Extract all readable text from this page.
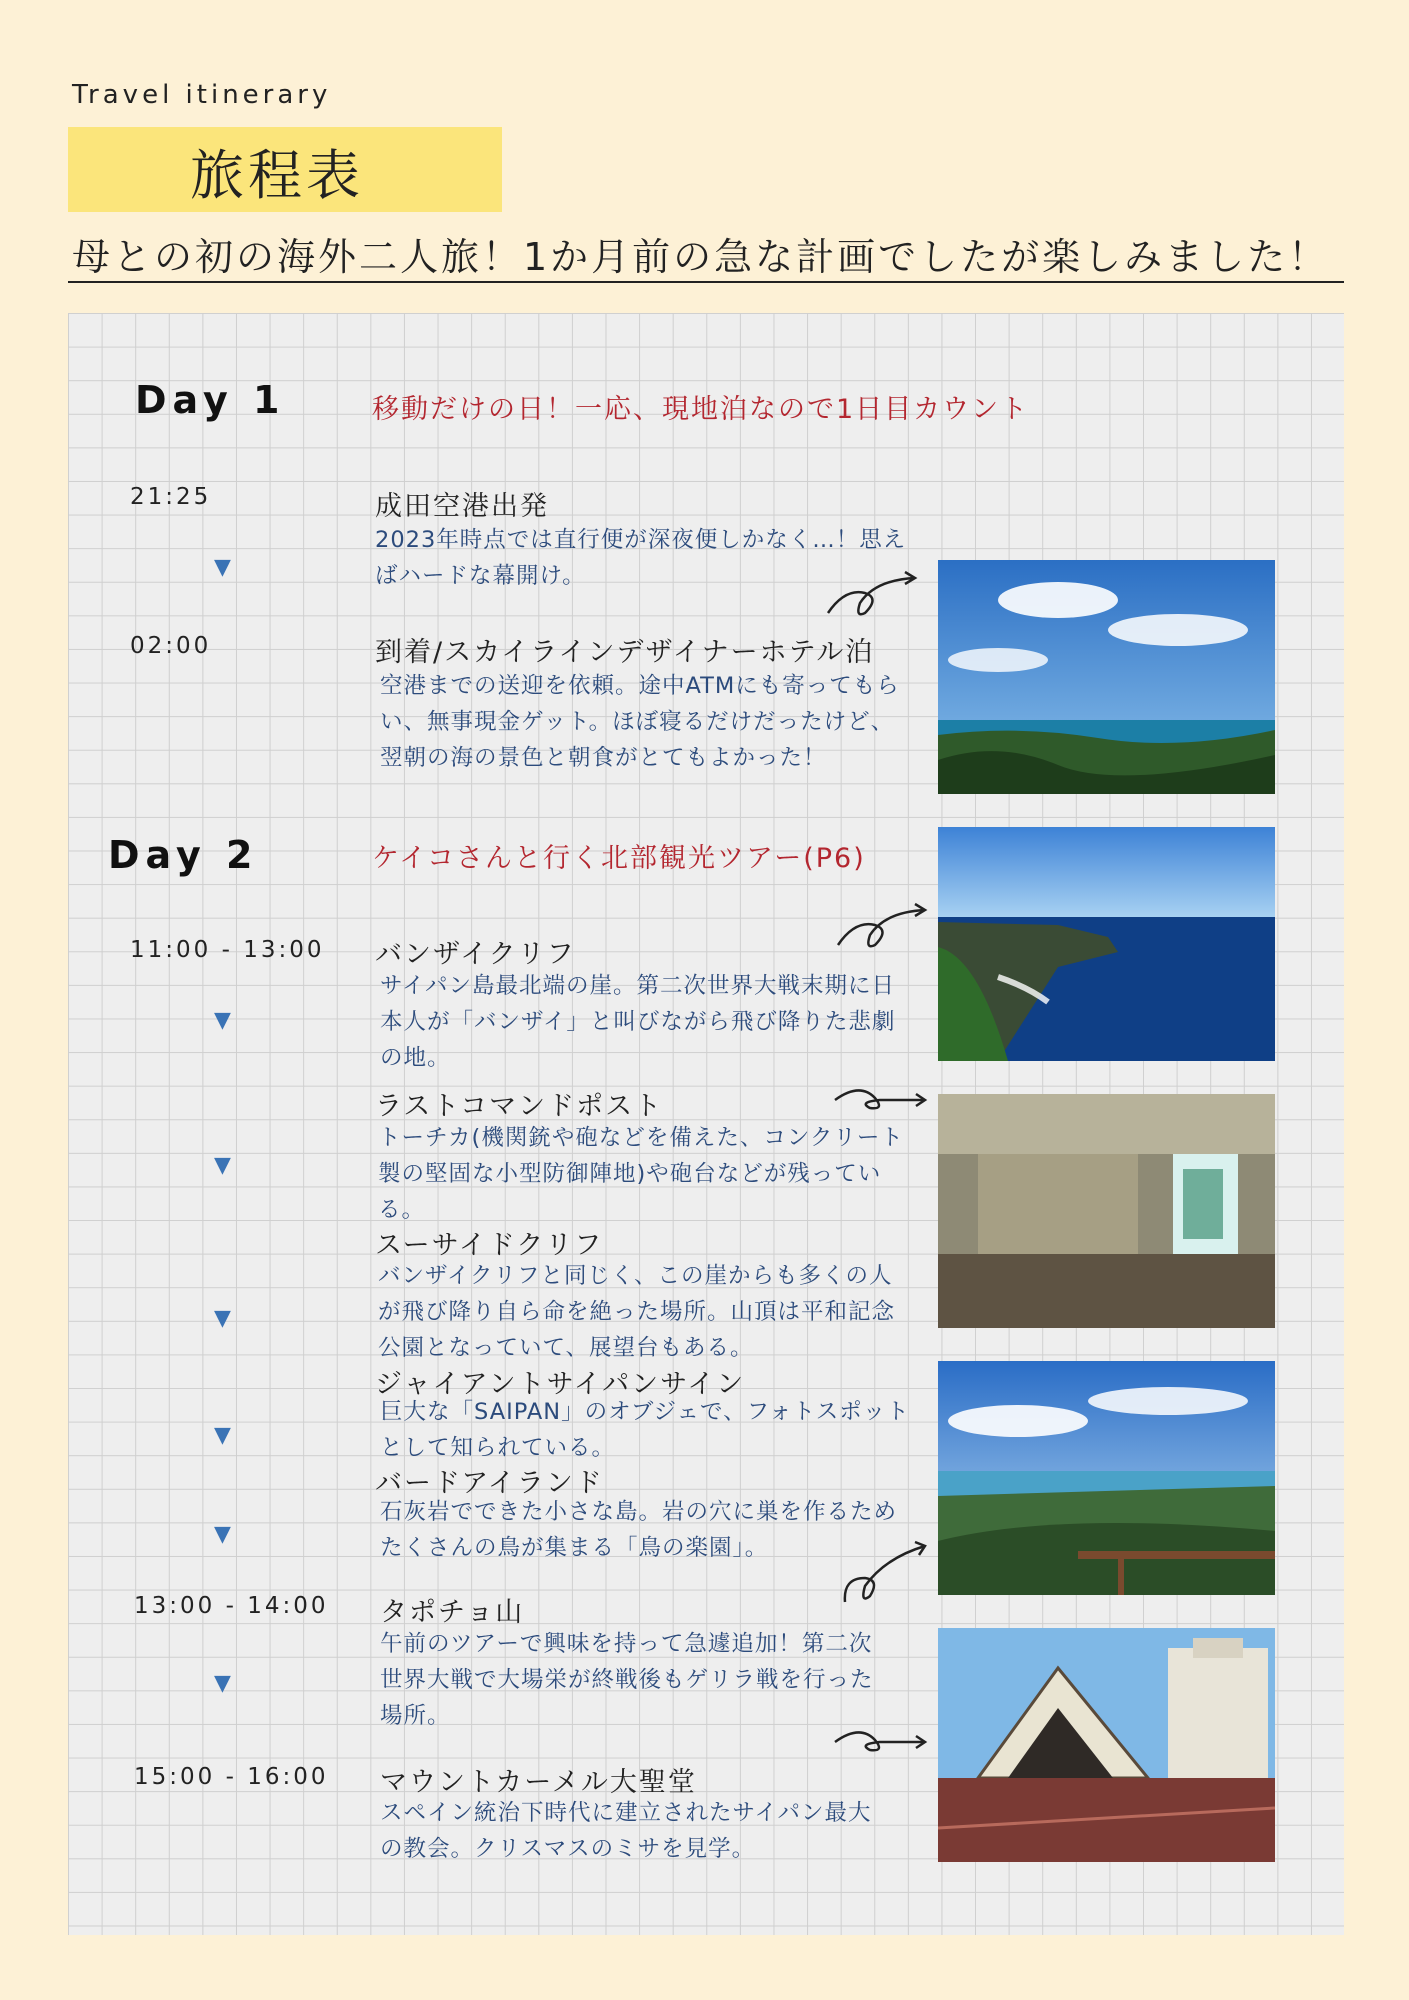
Travel itinerary
旅程表
母との初の海外二人旅！1か月前の急な計画でしたが楽しみました！
Day 1	移動だけの日！一応、現地泊なので1日目カウント
21:25	成田空港出発
2023年時点では直行便が深夜便しかなく…！思えばハードな幕開け。
▼
02:00	到着/スカイラインデザイナーホテル泊
空港までの送迎を依頼。途中ATMにも寄ってもらい、無事現金ゲット。ほぼ寝るだけだったけど、翌朝の海の景色と朝食がとてもよかった！
Day 2	ケイコさんと行く北部観光ツアー(P6)
11:00 - 13:00 バンザイクリフ
サイパン島最北端の崖。第二次世界大戦末期に日本人が「バンザイ」と叫びながら飛び降りた悲劇の地。
▼
ラストコマンドポスト
トーチカ(機関銃や砲などを備えた、コンクリート製の堅固な小型防御陣地)や砲台などが残っている。
▼
スーサイドクリフ
バンザイクリフと同じく、この崖からも多くの人が飛び降り自ら命を絶った場所。山頂は平和記念公園となっていて、展望台もある。
▼
ジャイアントサイパンサイン
巨大な「SAIPAN」のオブジェで、フォトスポットとして知られている。
▼
バードアイランド
石灰岩でできた小さな島。岩の穴に巣を作るためたくさんの鳥が集まる「鳥の楽園」。
▼
13:00 - 14:00 タポチョ山
午前のツアーで興味を持って急遽追加！第二次世界大戦で大場栄が終戦後もゲリラ戦を行った場所。
▼
15:00 - 16:00 マウントカーメル大聖堂
スペイン統治下時代に建立されたサイパン最大の教会。クリスマスのミサを見学。
